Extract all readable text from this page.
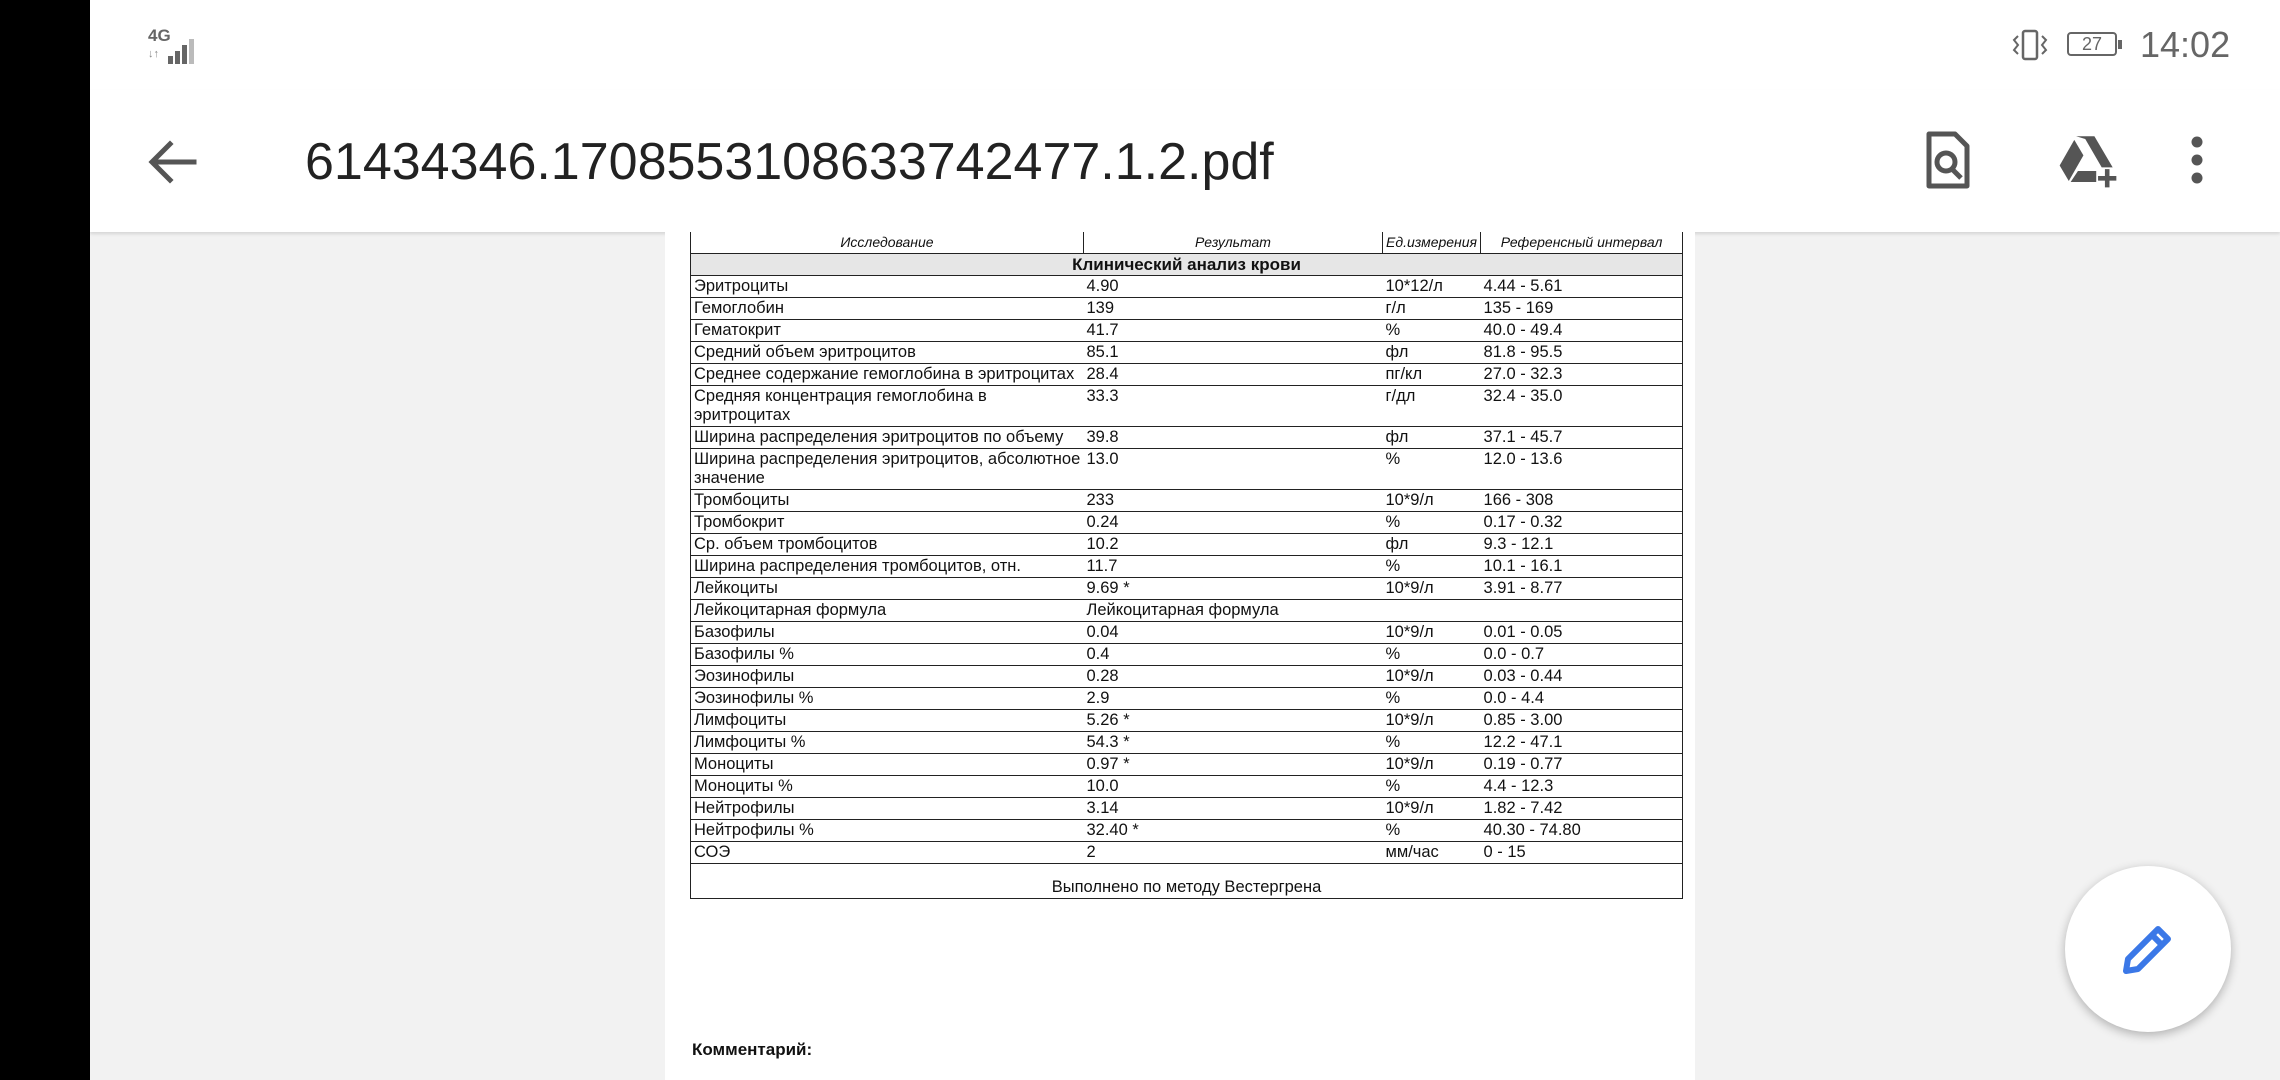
4G
↓↑	27	14:02
61434346.1708553108633742477.1.2.pdf
Исследование	Результат	Ед.измерения	Референсный интервал
Клинический анализ крови			
Эритроциты	4.90	10*12/л	4.44 - 5.61
Гемоглобин	139	г/л	135 - 169
Гематокрит	41.7	%	40.0 - 49.4
Средний объем эритроцитов	85.1	фл	81.8 - 95.5
Среднее содержание гемоглобина в эритроцитах	28.4	пг/кл	27.0 - 32.3
Средняя концентрация гемоглобина в эритроцитах	33.3	г/дл	32.4 - 35.0
Ширина распределения эритроцитов по объему	39.8	фл	37.1 - 45.7
Ширина распределения эритроцитов, абсолютное значение	13.0	%	12.0 - 13.6
Тромбоциты	233	10*9/л	166 - 308
Тромбокрит	0.24	%	0.17 - 0.32
Ср. объем тромбоцитов	10.2	фл	9.3 - 12.1
Ширина распределения тромбоцитов, отн.	11.7	%	10.1 - 16.1
Лейкоциты	9.69 *	10*9/л	3.91 - 8.77
Лейкоцитарная формула	Лейкоцитарная формула		
Базофилы	0.04	10*9/л	0.01 - 0.05
Базофилы %	0.4	%	0.0 - 0.7
Эозинофилы	0.28	10*9/л	0.03 - 0.44
Эозинофилы %	2.9	%	0.0 - 4.4
Лимфоциты	5.26 *	10*9/л	0.85 - 3.00
Лимфоциты %	54.3 *	%	12.2 - 47.1
Моноциты	0.97 *	10*9/л	0.19 - 0.77
Моноциты %	10.0	%	4.4 - 12.3
Нейтрофилы	3.14	10*9/л	1.82 - 7.42
Нейтрофилы %	32.40 *	%	40.30 - 74.80
СОЭ	2	мм/час	0 - 15
Выполнено по методу Вестергрена			
Комментарий:
